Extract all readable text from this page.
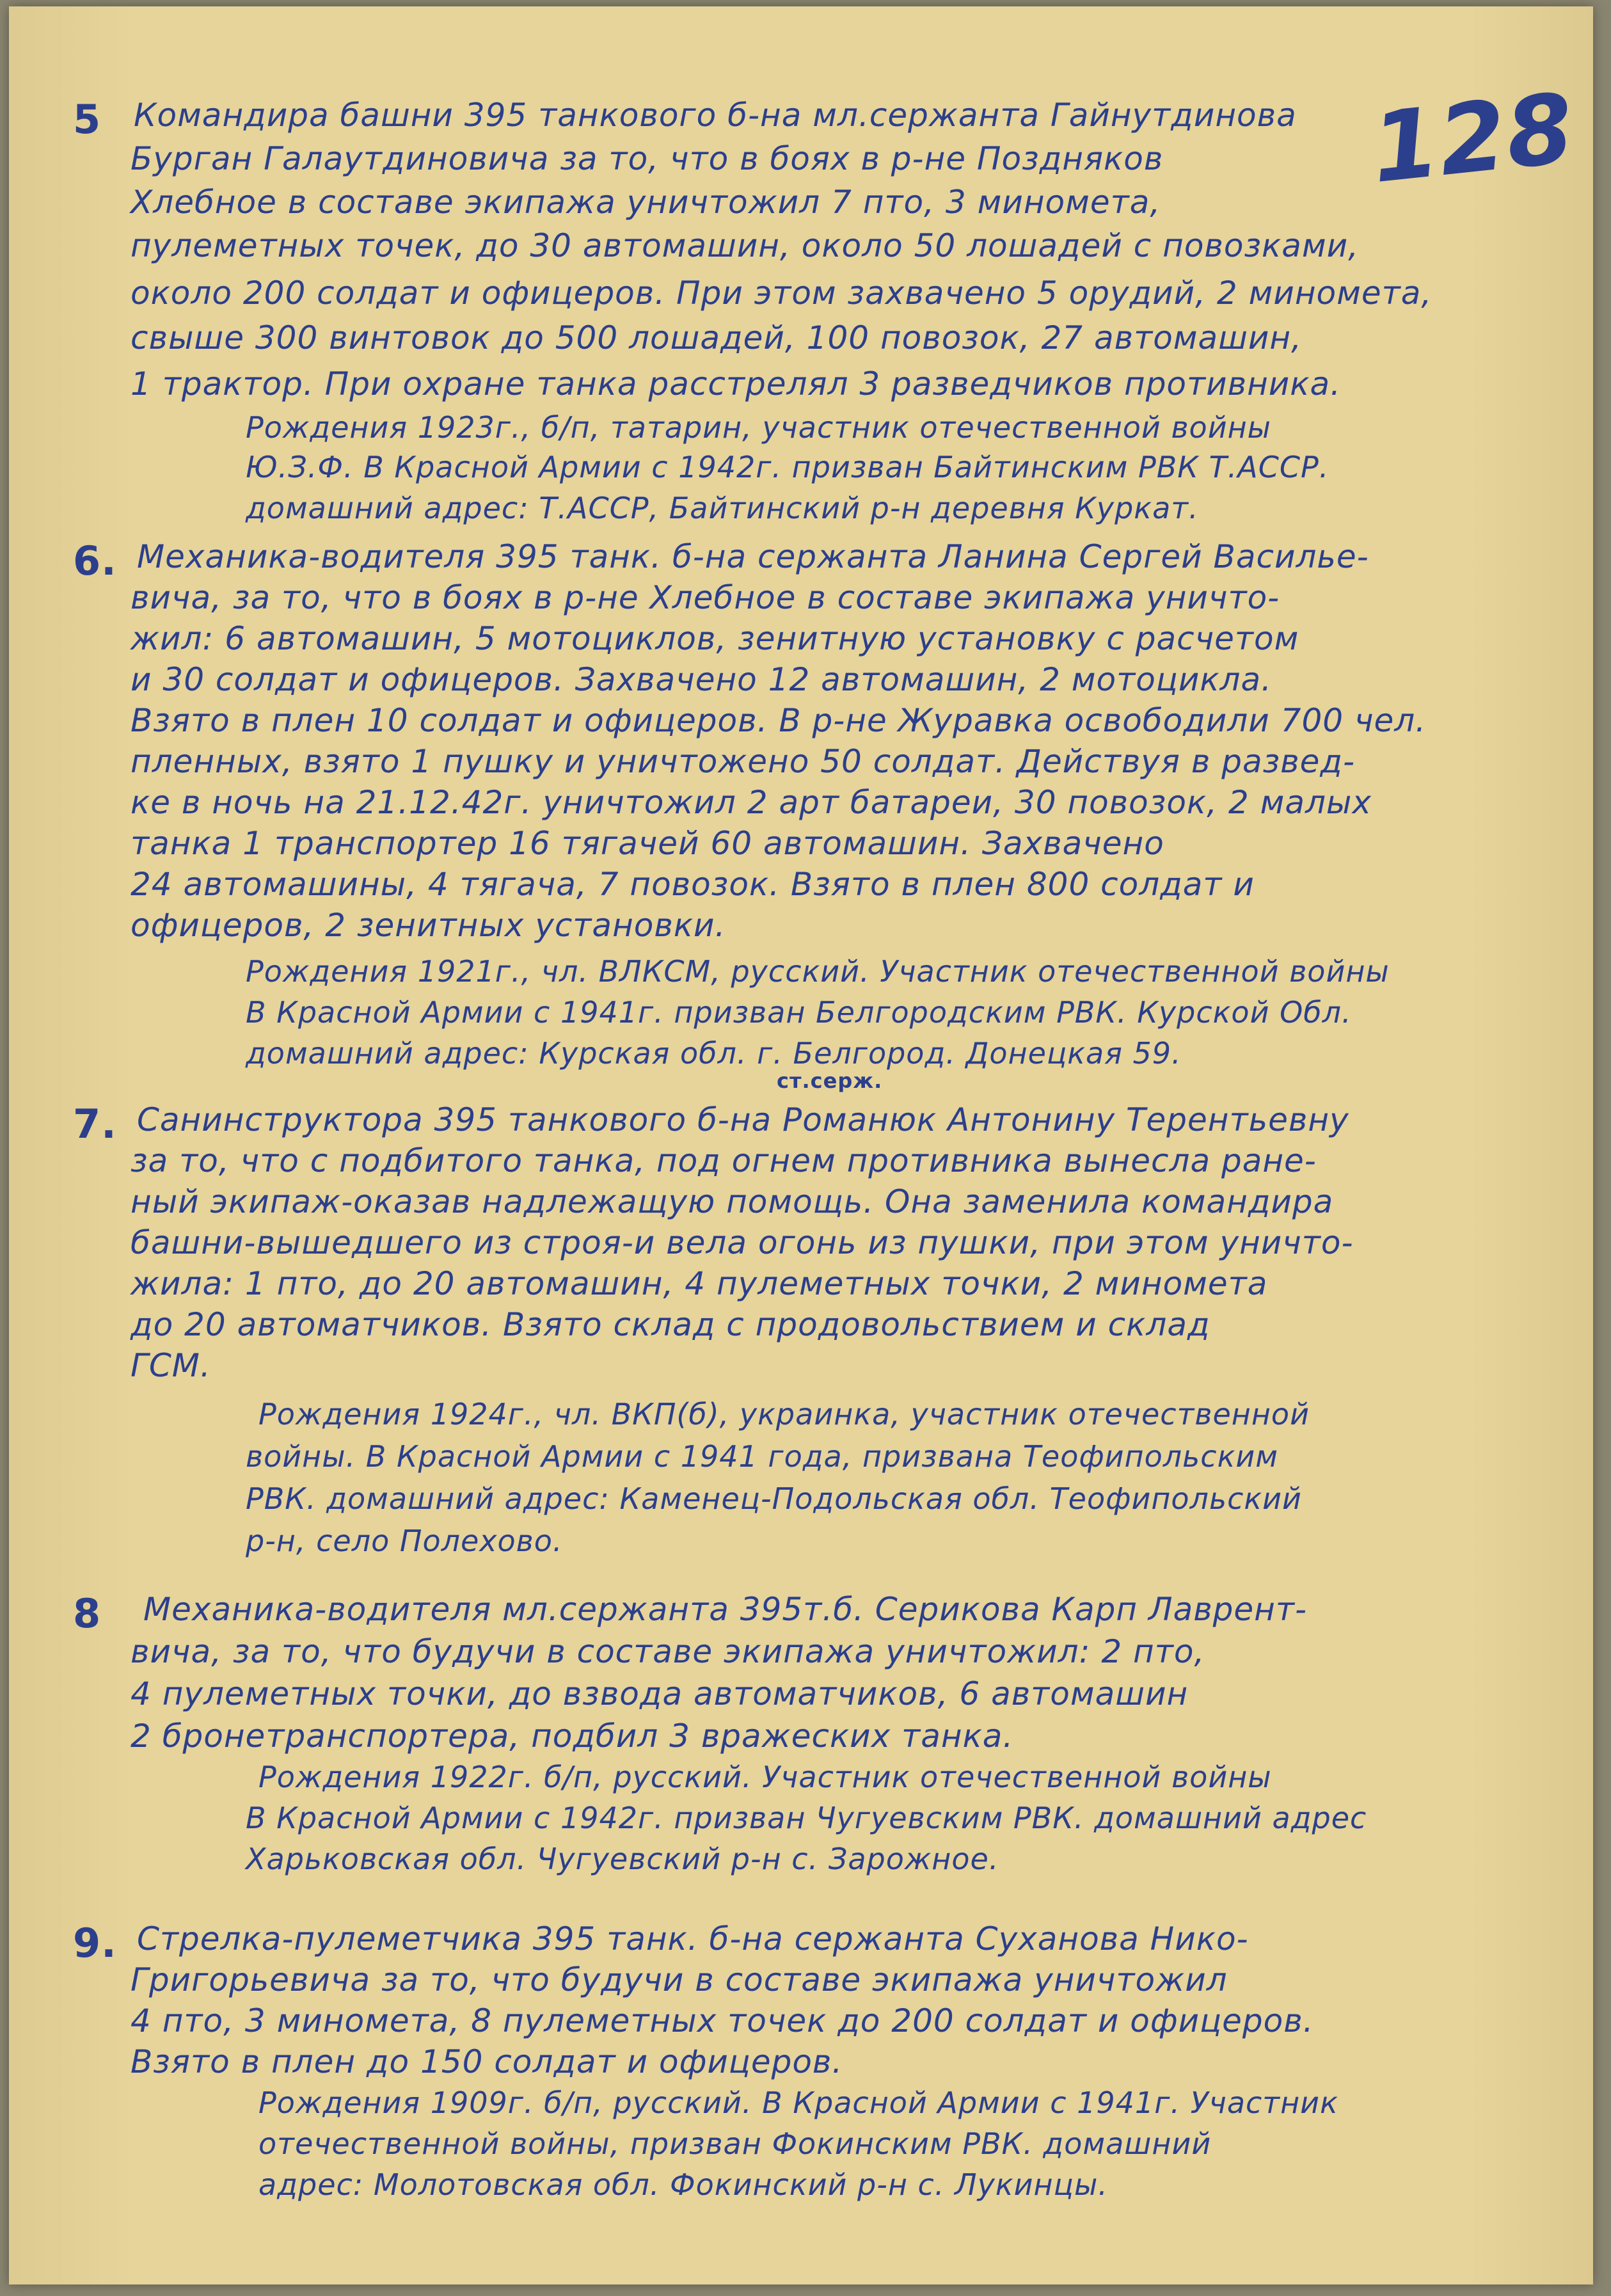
128
5 Командира башни 395 танкового б-на мл.сержанта Гайнутдинова
Бурган Галаутдиновича за то, что в боях в р-не Поздняков
Хлебное в составе экипажа уничтожил 7 пто, 3 миномета,
пулеметных точек, до 30 автомашин, около 50 лошадей с повозками,
около 200 солдат и офицеров. При этом захвачено 5 орудий, 2 миномета,
свыше 300 винтовок до 500 лошадей, 100 повозок, 27 автомашин,
1 трактор. При охране танка расстрелял 3 разведчиков противника.
Рождения 1923г., б/п, татарин, участник отечественной войны
Ю.З.Ф. В Красной Армии с 1942г. призван Байтинским РВК Т.АССР.
домашний адрес: Т.АССР, Байтинский р-н деревня Куркат.
6. Механика-водителя 395 танк. б-на сержанта Ланина Сергей Василье-
вича, за то, что в боях в р-не Хлебное в составе экипажа уничто-
жил: 6 автомашин, 5 мотоциклов, зенитную установку с расчетом
и 30 солдат и офицеров. Захвачено 12 автомашин, 2 мотоцикла.
Взято в плен 10 солдат и офицеров. В р-не Журавка освободили 700 чел.
пленных, взято 1 пушку и уничтожено 50 солдат. Действуя в развед-
ке в ночь на 21.12.42г. уничтожил 2 арт батареи, 30 повозок, 2 малых
танка 1 транспортер 16 тягачей 60 автомашин. Захвачено
24 автомашины, 4 тягача, 7 повозок. Взято в плен 800 солдат и
офицеров, 2 зенитных установки.
Рождения 1921г., чл. ВЛКСМ, русский. Участник отечественной войны
В Красной Армии с 1941г. призван Белгородским РВК. Курской Обл.
домашний адрес: Курская обл. г. Белгород. Донецкая 59.
ст.серж.
7. Санинструктора 395 танкового б-на Романюк Антонину Терентьевну
за то, что с подбитого танка, под огнем противника вынесла ране-
ный экипаж-оказав надлежащую помощь. Она заменила командира
башни-вышедшего из строя-и вела огонь из пушки, при этом уничто-
жила: 1 пто, до 20 автомашин, 4 пулеметных точки, 2 миномета
до 20 автоматчиков. Взято склад с продовольствием и склад
ГСМ.
Рождения 1924г., чл. ВКП(б), украинка, участник отечественной
войны. В Красной Армии с 1941 года, призвана Теофипольским
РВК. домашний адрес: Каменец-Подольская обл. Теофипольский
р-н, село Полехово.
8 Механика-водителя мл.сержанта 395т.б. Серикова Карп Лаврент-
вича, за то, что будучи в составе экипажа уничтожил: 2 пто,
4 пулеметных точки, до взвода автоматчиков, 6 автомашин
2 бронетранспортера, подбил 3 вражеских танка.
Рождения 1922г. б/п, русский. Участник отечественной войны
В Красной Армии с 1942г. призван Чугуевским РВК. домашний адрес
Харьковская обл. Чугуевский р-н с. Зарожное.
9. Стрелка-пулеметчика 395 танк. б-на сержанта Суханова Нико-
Григорьевича за то, что будучи в составе экипажа уничтожил
4 пто, 3 миномета, 8 пулеметных точек до 200 солдат и офицеров.
Взято в плен до 150 солдат и офицеров.
Рождения 1909г. б/п, русский. В Красной Армии с 1941г. Участник
отечественной войны, призван Фокинским РВК. домашний
адрес: Молотовская обл. Фокинский р-н с. Лукинцы.
